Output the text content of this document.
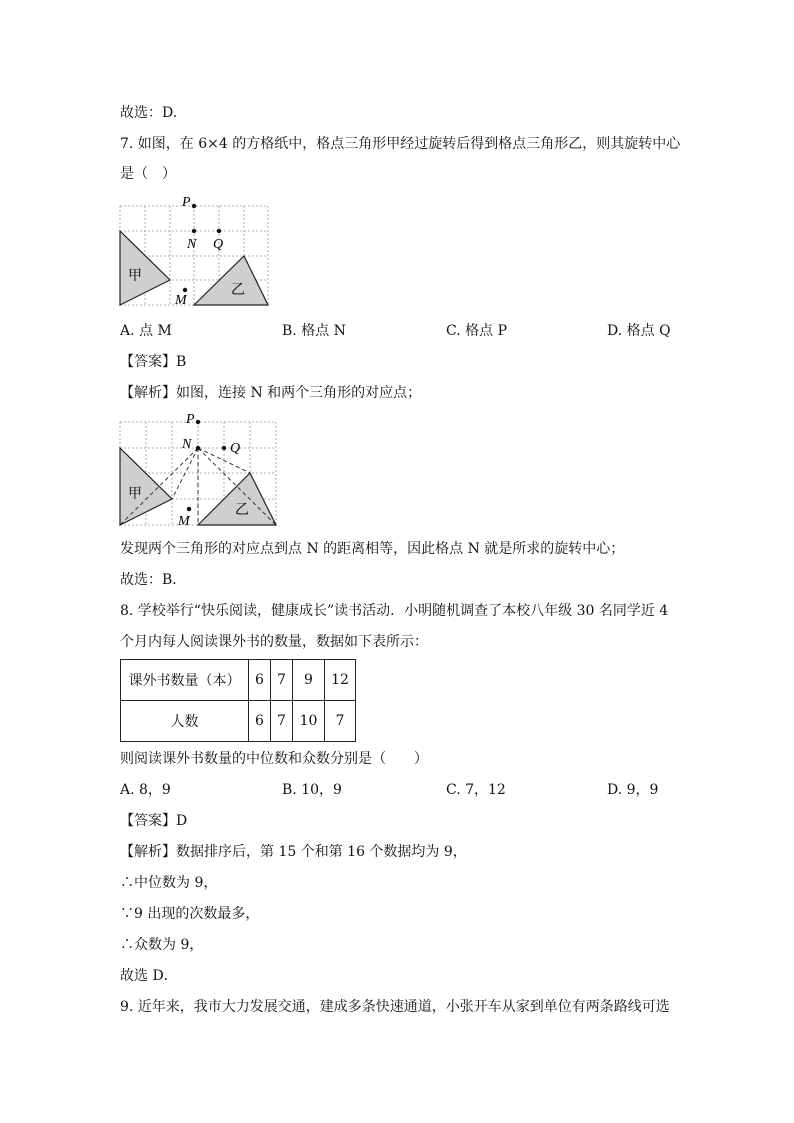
故选：D.
7. 如图，在 6×4 的方格纸中，格点三角形甲经过旋转后得到格点三角形乙，则其旋转中心
是（　）
P
N Q
M
甲
乙
A. 点 M	B. 格点 N	C. 格点 P	D. 格点 Q
【答案】B
【解析】如图，连接 N 和两个三角形的对应点；
P
N	Q
M
甲
乙
发现两个三角形的对应点到点 N 的距离相等，因此格点 N 就是所求的旋转中心；
故选：B．
8. 学校举行“快乐阅读，健康成长”读书活动．小明随机调查了本校八年级 30 名同学近 4
个月内每人阅读课外书的数量，数据如下表所示：
课外书数量（本）	6	7	9	12
人数	6	7	10	7
则阅读课外书数量的中位数和众数分别是（　　）
A. 8，9	B. 10，9	C. 7，12	D. 9，9
【答案】D
【解析】数据排序后，第 15 个和第 16 个数据均为 9，
∴中位数为 9，
∵9 出现的次数最多，
∴众数为 9，
故选 D．
9. 近年来，我市大力发展交通，建成多条快速通道，小张开车从家到单位有两条路线可选
